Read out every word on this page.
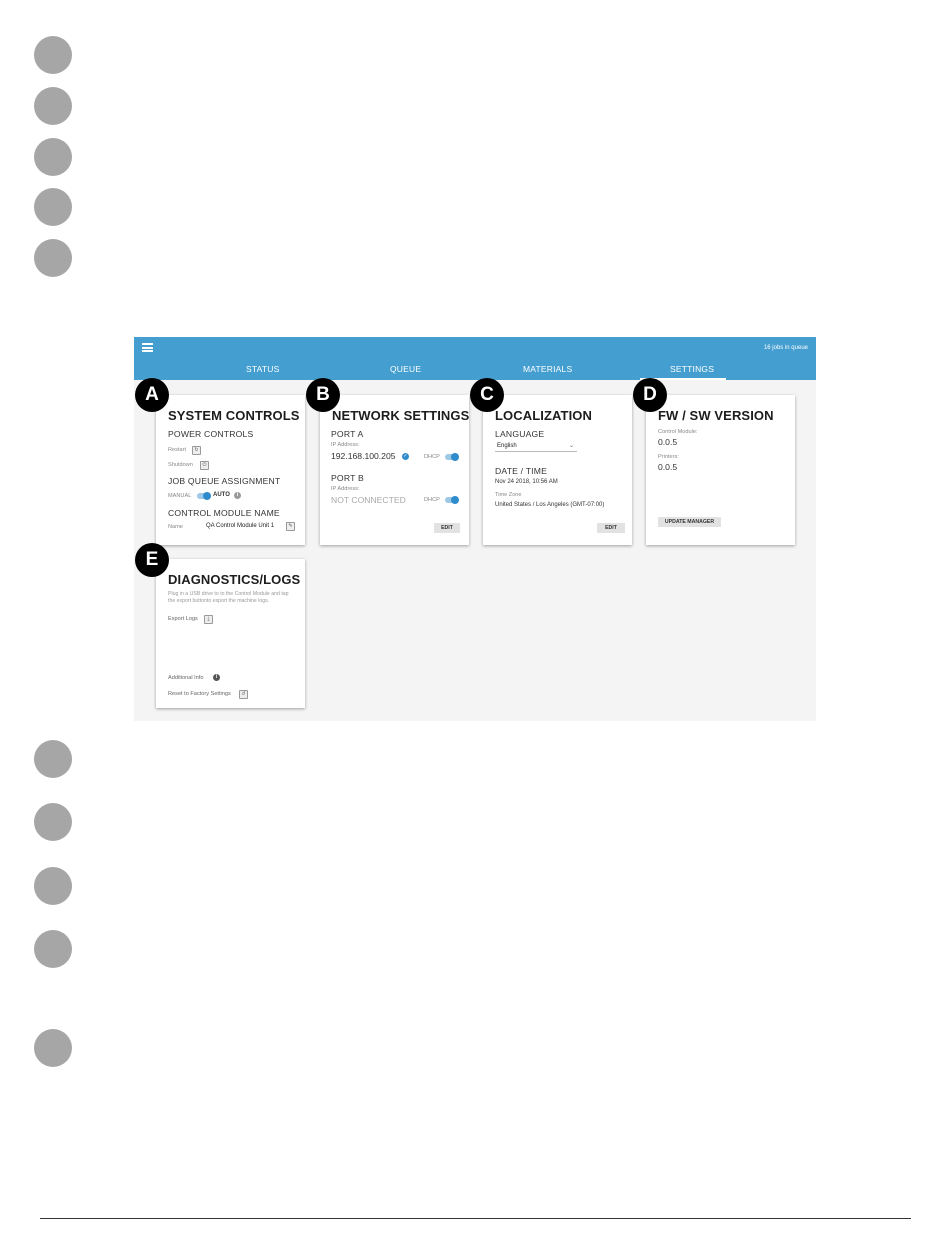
16 jobs in queue
STATUS	QUEUE	MATERIALS	SETTINGS
SYSTEM CONTROLS
POWER CONTROLS
Restart	↻
Shutdown	⏻
JOB QUEUE ASSIGNMENT
MANUAL	AUTO	i
CONTROL MODULE NAME
Name	QA Control Module Unit 1	✎
NETWORK SETTINGS
PORT A
IP Address:
192.168.100.205 ✓	DHCP
PORT B
IP Address:
NOT CONNECTED	DHCP
EDIT
LOCALIZATION
LANGUAGE
English	⌄
DATE / TIME
Nov 24 2018, 10:56 AM
Time Zone
United States / Los Angeles (GMT-07:00)
EDIT
FW / SW VERSION
Control Module:
0.0.5
Printers:
0.0.5
UPDATE MANAGER
DIAGNOSTICS/LOGS
Plug in a USB drive to to the Control Module and tap the export buttonto export the machine logs.
Export Logs	⤓
Additional Info	i
Reset to Factory Settings	↺
A	B	C	D
E
